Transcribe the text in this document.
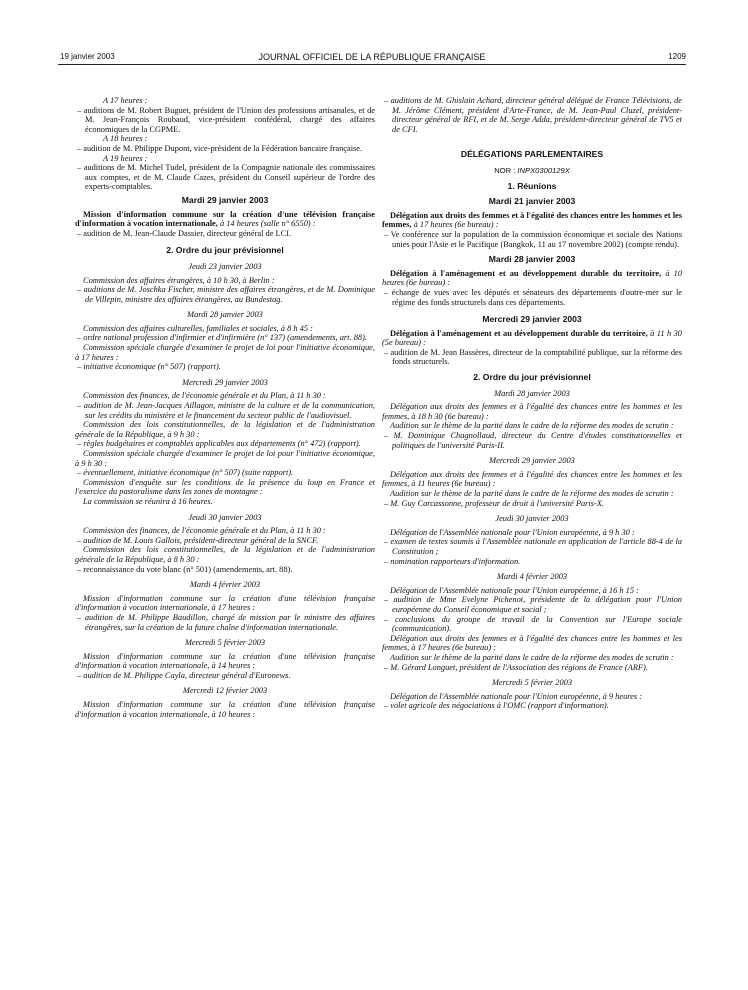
19 janvier 2003	JOURNAL OFFICIEL DE LA RÉPUBLIQUE FRANÇAISE	1209

A 17 heures :

– auditions de M. Robert Buguet, président de l'Union des professions artisanales, et de M. Jean-François Roubaud, vice-président confédéral, chargé des affaires économiques de la CGPME.

A 18 heures :

– audition de M. Philippe Dupont, vice-président de la Fédération bancaire française.

A 19 heures :

– auditions de M. Michel Tudel, président de la Compagnie nationale des commissaires aux comptes, et de M. Claude Cazes, président du Conseil supérieur de l'ordre des experts-comptables.

Mardi 29 janvier 2003

Mission d'information commune sur la création d'une télévision française d'information à vocation internationale, à 14 heures (salle n° 6550) :

– audition de M. Jean-Claude Dassier, directeur général de LCI.

2. Ordre du jour prévisionnel

Jeudi 23 janvier 2003

Commission des affaires étrangères, à 10 h 30, à Berlin :

– auditions de M. Joschka Fischer, ministre des affaires étrangères, et de M. Dominique de Villepin, ministre des affaires étrangères, au Bundestag.

Mardi 28 janvier 2003

Commission des affaires culturelles, familiales et sociales, à 8 h 45 :

– ordre national profession d'infirmier et d'infirmière (n° 137) (amendements, art. 88).

Commission spéciale chargée d'examiner le projet de loi pour l'initiative économique, à 17 heures :

– initiative économique (n° 507) (rapport).

Mercredi 29 janvier 2003

Commission des finances, de l'économie générale et du Plan, à 11 h 30 :

– audition de M. Jean-Jacques Aillagon, ministre de la culture et de la communication, sur les crédits du ministère et le financement du secteur public de l'audiovisuel.

Commission des lois constitutionnelles, de la législation et de l'administration générale de la République, à 9 h 30 :

– règles budgétaires et comptables applicables aux départements (n° 472) (rapport).

Commission spéciale chargée d'examiner le projet de loi pour l'initiative économique, à 9 h 30 :

– éventuellement, initiative économique (n° 507) (suite rapport).

Commission d'enquête sur les conditions de la présence du loup en France et l'exercice du pastoralisme dans les zones de montagne :

La commission se réunira à 16 heures.

Jeudi 30 janvier 2003

Commission des finances, de l'économie générale et du Plan, à 11 h 30 :

– audition de M. Louis Gallois, président-directeur général de la SNCF.

Commission des lois constitutionnelles, de la législation et de l'administration générale de la République, à 8 h 30 :

– reconnaissance du vote blanc (n° 501) (amendements, art. 88).

Mardi 4 février 2003

Mission d'information commune sur la création d'une télévision française d'information à vocation internationale, à 17 heures :

– audition de M. Philippe Baudillon, chargé de mission par le ministre des affaires étrangères, sur la création de la future chaîne d'information internationale.

Mercredi 5 février 2003

Mission d'information commune sur la création d'une télévision française d'information à vocation internationale, à 14 heures :

– audition de M. Philippe Cayla, directeur général d'Euronews.

Mercredi 12 février 2003

Mission d'information commune sur la création d'une télévision française d'information à vocation internationale, à 10 heures :

– auditions de M. Ghislain Achard, directeur général délégué de France Télévisions, de M. Jérôme Clément, président d'Arte-France, de M. Jean-Paul Cluzel, président-directeur général de RFI, et de M. Serge Adda, président-directeur général de TV5 et de CFI.

DÉLÉGATIONS PARLEMENTAIRES

NOR : INPX0300129X

1. Réunions

Mardi 21 janvier 2003

Délégation aux droits des femmes et à l'égalité des chances entre les hommes et les femmes, à 17 heures (6e bureau) :

– Ve conférence sur la population de la commission économique et sociale des Nations unies pour l'Asie et le Pacifique (Bangkok, 11 au 17 novembre 2002) (compte rendu).

Mardi 28 janvier 2003

Délégation à l'aménagement et au développement durable du territoire, à 10 heures (6e bureau) :

– échange de vues avec les députés et sénateurs des départements d'outre-mer sur le régime des fonds structurels dans ces départements.

Mercredi 29 janvier 2003

Délégation à l'aménagement et au développement durable du territoire, à 11 h 30 (5e bureau) :

– audition de M. Jean Bassères, directeur de la comptabilité publique, sur la réforme des fonds structurels.

2. Ordre du jour prévisionnel

Mardi 28 janvier 2003

Délégation aux droits des femmes et à l'égalité des chances entre les hommes et les femmes, à 18 h 30 (6e bureau) :

Audition sur le thème de la parité dans le cadre de la réforme des modes de scrutin :

– M. Dominique Chagnollaud, directeur du Centre d'études constitutionnelles et politiques de l'université Paris-II.

Mercredi 29 janvier 2003

Délégation aux droits des femmes et à l'égalité des chances entre les hommes et les femmes, à 11 heures (6e bureau) :

Audition sur le thème de la parité dans le cadre de la réforme des modes de scrutin :

– M. Guy Carcassonne, professeur de droit à l'université Paris-X.

Jeudi 30 janvier 2003

Délégation de l'Assemblée nationale pour l'Union européenne, à 9 h 30 :

– examen de textes soumis à l'Assemblée nationale en application de l'article 88-4 de la Constitution ;

– nomination rapporteurs d'information.

Mardi 4 février 2003

Délégation de l'Assemblée nationale pour l'Union européenne, à 16 h 15 :

– audition de Mme Evelyne Pichenot, présidente de la délégation pour l'Union européenne du Conseil économique et social ;

– conclusions du groupe de travail de la Convention sur l'Europe sociale (communication).

Délégation aux droits des femmes et à l'égalité des chances entre les hommes et les femmes, à 17 heures (6e bureau) :

Audition sur le thème de la parité dans le cadre de la réforme des modes de scrutin :

– M. Gérard Longuet, président de l'Association des régions de France (ARF).

Mercredi 5 février 2003

Délégation de l'Assemblée nationale pour l'Union européenne, à 9 heures :

– volet agricole des négociations à l'OMC (rapport d'information).
